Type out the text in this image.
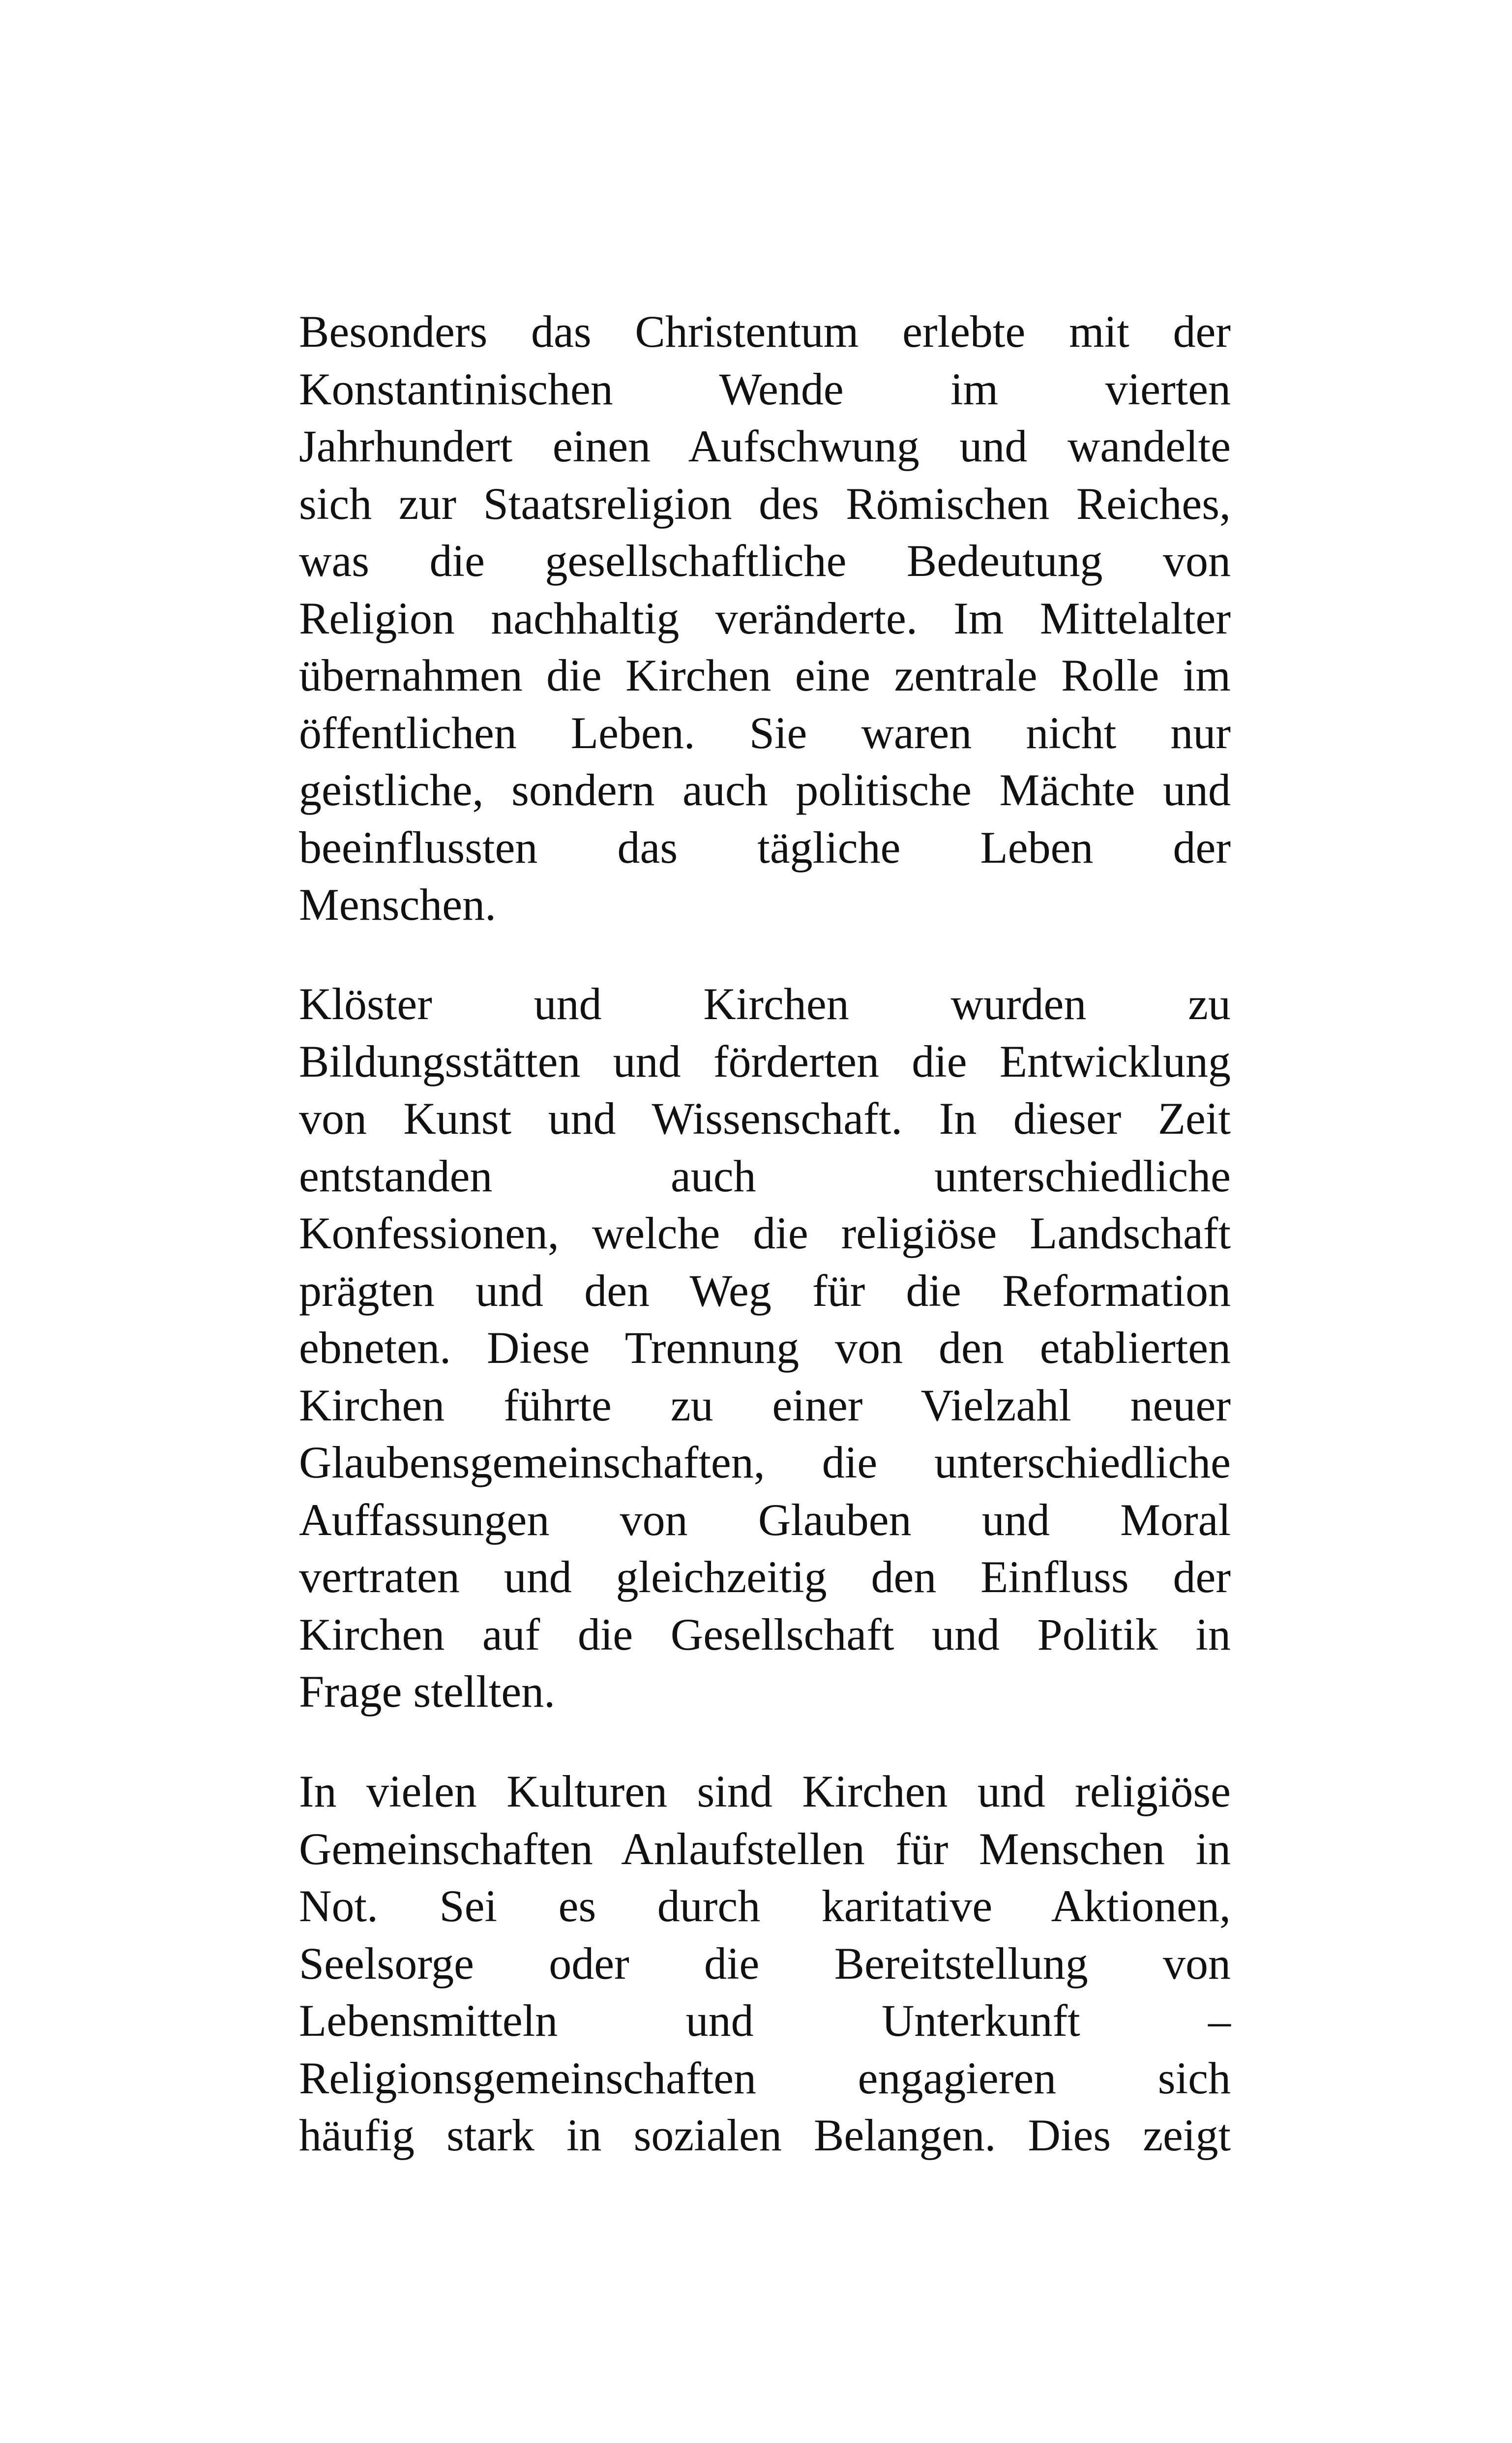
Besonders das Christentum erlebte mit der
Konstantinischen Wende im vierten
Jahrhundert einen Aufschwung und wandelte
sich zur Staatsreligion des Römischen Reiches,
was die gesellschaftliche Bedeutung von
Religion nachhaltig veränderte. Im Mittelalter
übernahmen die Kirchen eine zentrale Rolle im
öffentlichen Leben. Sie waren nicht nur
geistliche, sondern auch politische Mächte und
beeinflussten das tägliche Leben der
Menschen.

Klöster und Kirchen wurden zu
Bildungsstätten und förderten die Entwicklung
von Kunst und Wissenschaft. In dieser Zeit
entstanden auch unterschiedliche
Konfessionen, welche die religiöse Landschaft
prägten und den Weg für die Reformation
ebneten. Diese Trennung von den etablierten
Kirchen führte zu einer Vielzahl neuer
Glaubensgemeinschaften, die unterschiedliche
Auffassungen von Glauben und Moral
vertraten und gleichzeitig den Einfluss der
Kirchen auf die Gesellschaft und Politik in
Frage stellten.

In vielen Kulturen sind Kirchen und religiöse
Gemeinschaften Anlaufstellen für Menschen in
Not. Sei es durch karitative Aktionen,
Seelsorge oder die Bereitstellung von
Lebensmitteln und Unterkunft –
Religionsgemeinschaften engagieren sich
häufig stark in sozialen Belangen. Dies zeigt
